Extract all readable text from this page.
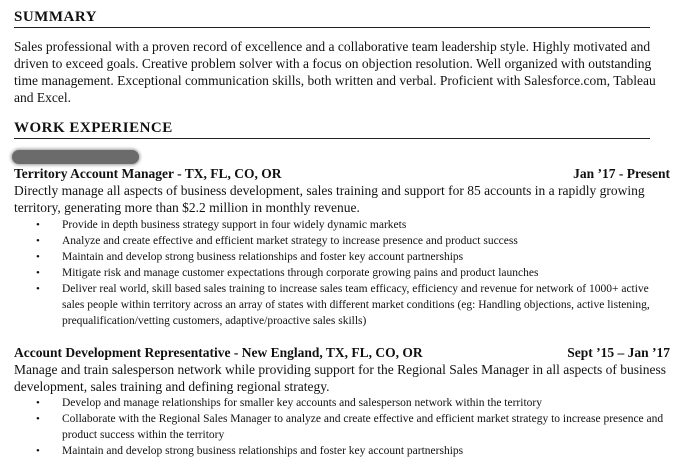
SUMMARY

Sales professional with a proven record of excellence and a collaborative team leadership style. Highly motivated and driven to exceed goals. Creative problem solver with a focus on objection resolution. Well organized with outstanding time management. Exceptional communication skills, both written and verbal. Proficient with Salesforce.com, Tableau and Excel.

WORK EXPERIENCE
Territory Account Manager - TX, FL, CO, OR	Jan ’17 - Present

Directly manage all aspects of business development, sales training and support for 85 accounts in a rapidly growing territory, generating more than $2.2 million in monthly revenue.

• Provide in depth business strategy support in four widely dynamic markets
• Analyze and create effective and efficient market strategy to increase presence and product success
• Maintain and develop strong business relationships and foster key account partnerships
• Mitigate risk and manage customer expectations through corporate growing pains and product launches
• Deliver real world, skill based sales training to increase sales team efficacy, efficiency and revenue for network of 1000+ active sales people within territory across an array of states with different market conditions (eg: Handling objections, active listening, prequalification/vetting customers, adaptive/proactive sales skills)
Account Development Representative - New England, TX, FL, CO, OR	Sept ’15 – Jan ’17

Manage and train salesperson network while providing support for the Regional Sales Manager in all aspects of business development, sales training and defining regional strategy.

• Develop and manage relationships for smaller key accounts and salesperson network within the territory
• Collaborate with the Regional Sales Manager to analyze and create effective and efficient market strategy to increase presence and product success within the territory
• Maintain and develop strong business relationships and foster key account partnerships
